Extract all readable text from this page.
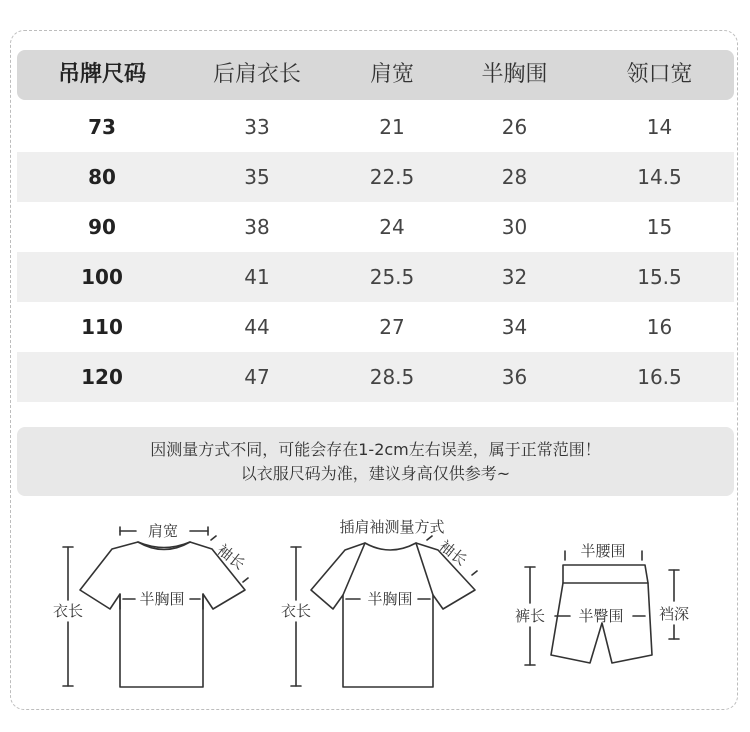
吊牌尺码	后肩衣长	肩宽	半胸围	领口宽
73	33	21	26	14
80	35	22.5	28	14.5
90	38	24	30	15
100	41	25.5	32	15.5
110	44	27	34	16
120	47	28.5	36	16.5
因测量方式不同，可能会存在1-2cm左右误差，属于正常范围！
以衣服尺码为准，建议身高仅供参考~
肩宽
袖长
半胸围
衣长
插肩袖测量方式
袖长
半胸围
衣长
半腰围
裤长 半臀围 裆深
